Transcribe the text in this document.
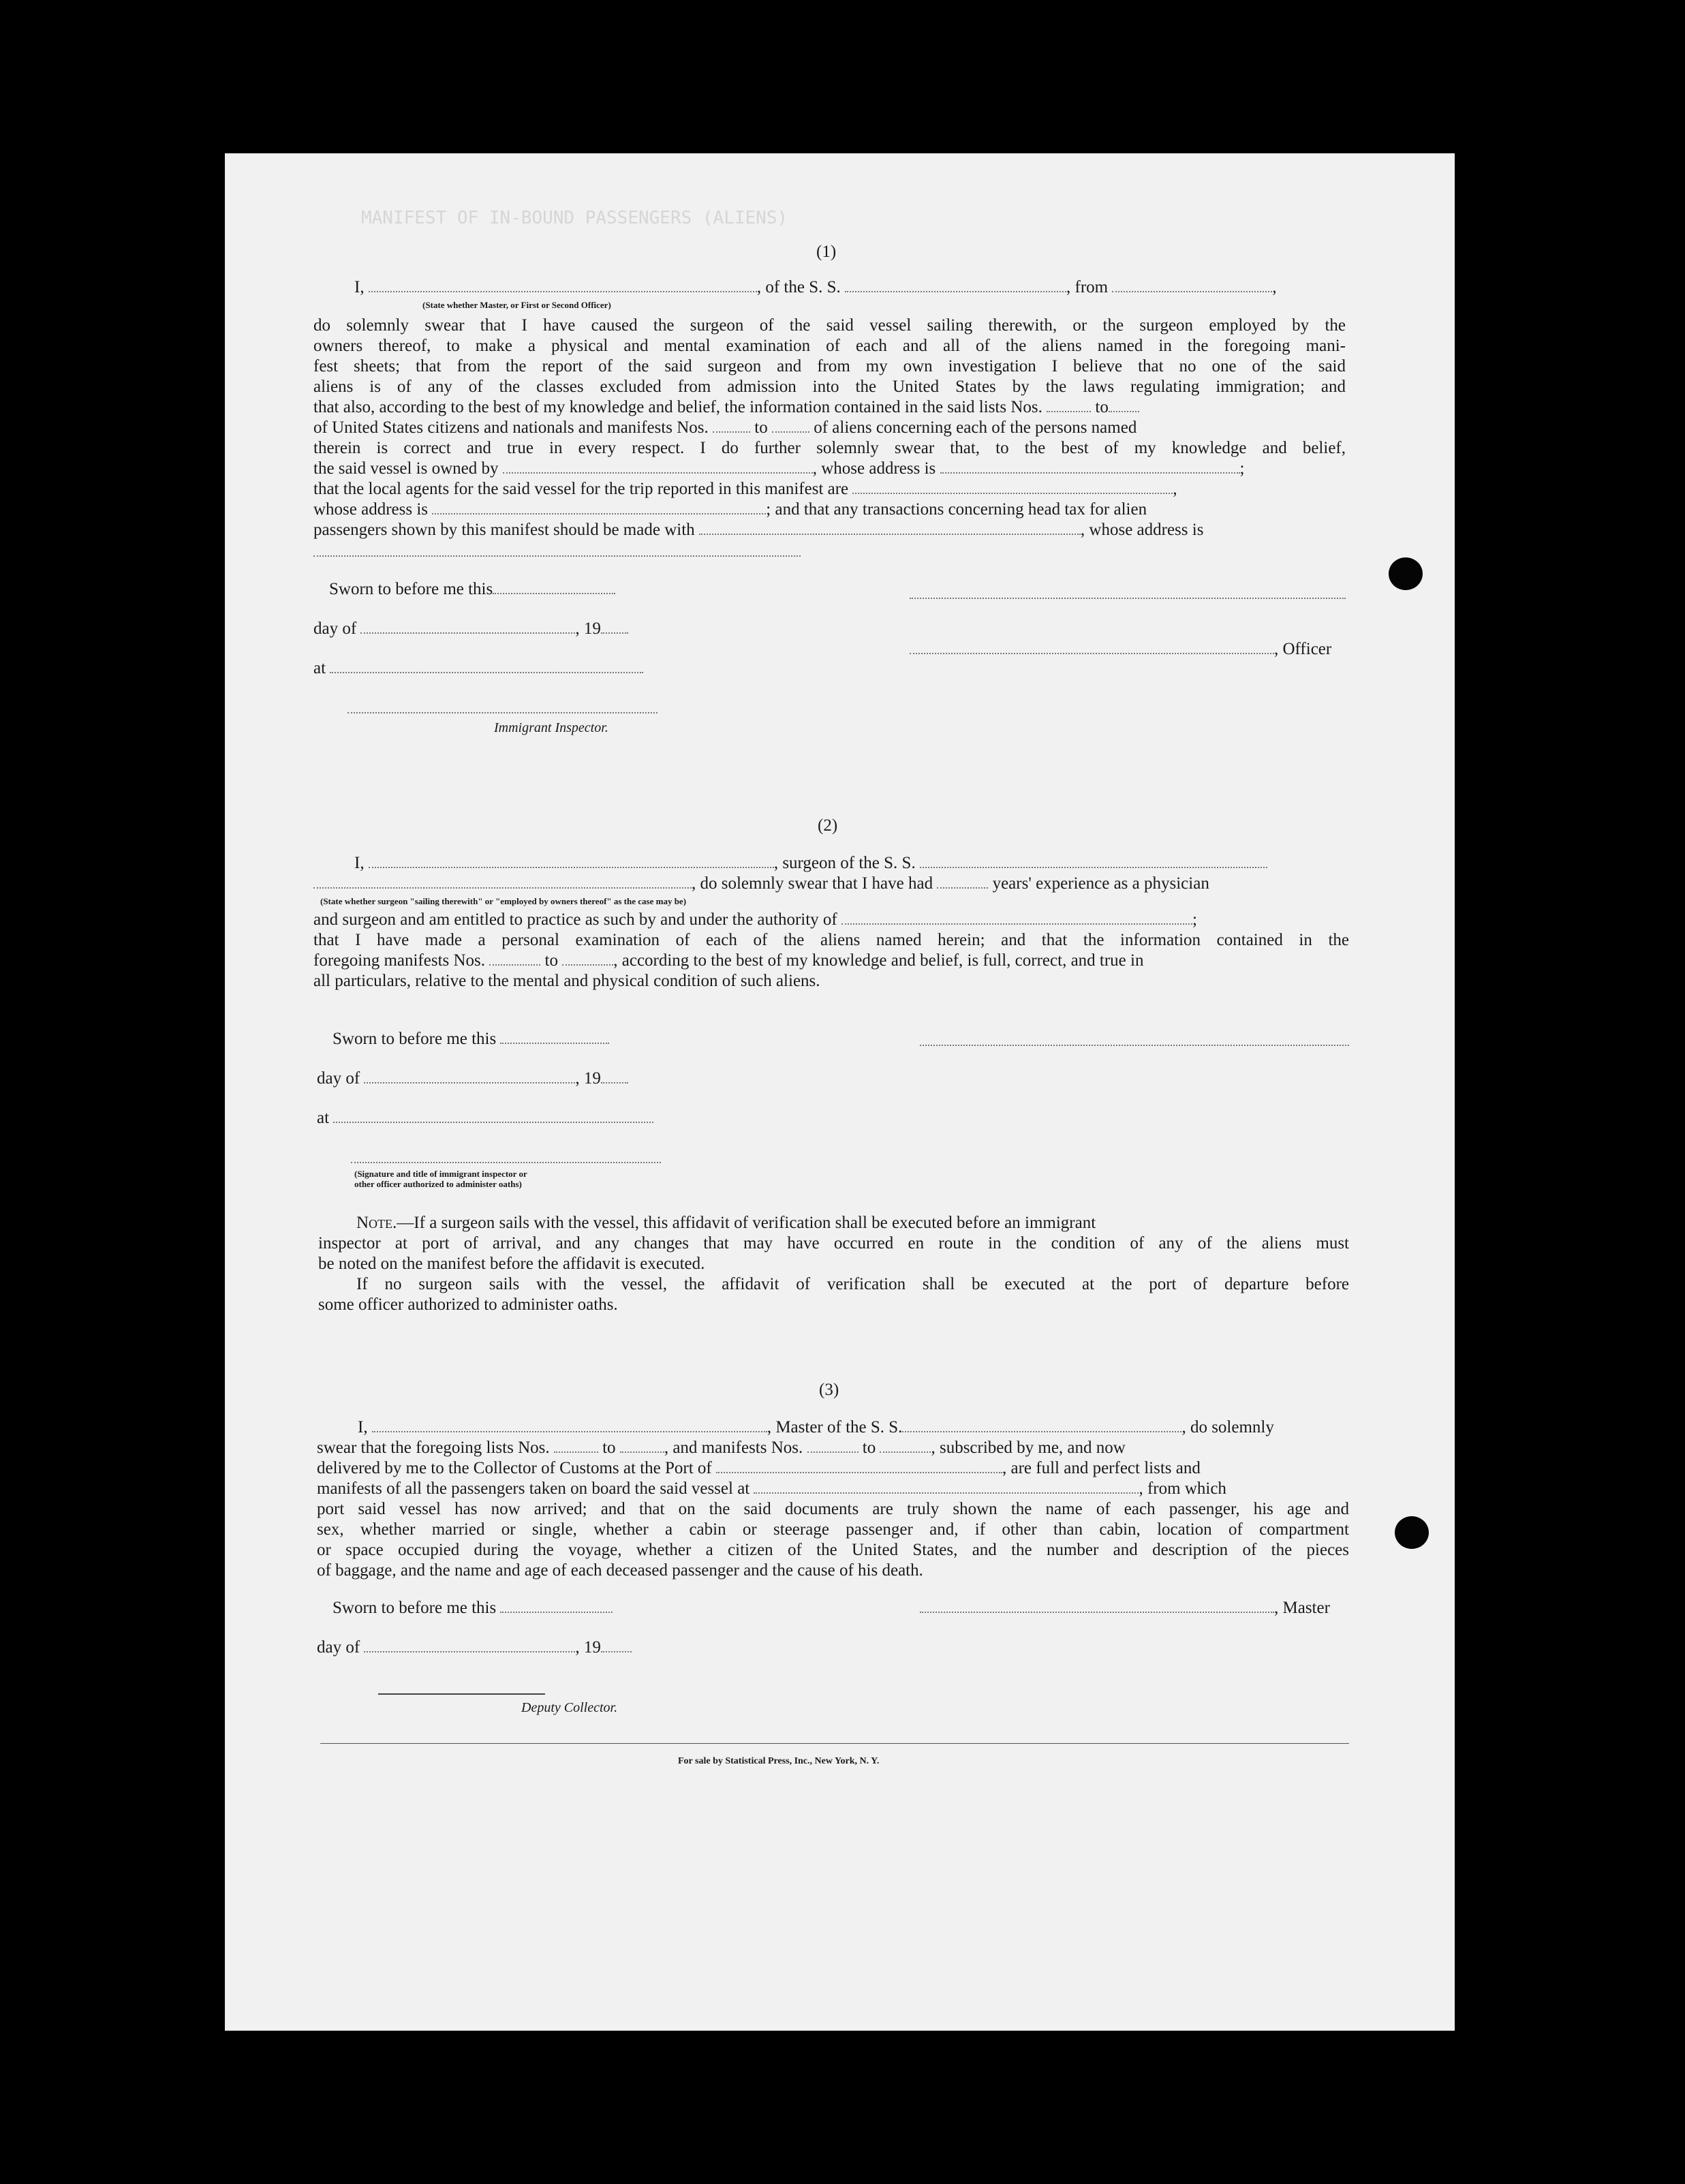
MANIFEST OF IN-BOUND PASSENGERS (ALIENS)
(1)
I,	, of the S. S.	, from	,
(State whether Master, or First or Second Officer)
do solemnly swear that I have caused the surgeon of the said vessel sailing therewith, or the surgeon employed by the
owners thereof, to make a physical and mental examination of each and all of the aliens named in the foregoing mani-
fest sheets; that from the report of the said surgeon and from my own investigation I believe that no one of the said
aliens is of any of the classes excluded from admission into the United States by the laws regulating immigration; and
that also, according to the best of my knowledge and belief, the information contained in the said lists Nos.	to
of United States citizens and nationals and manifests Nos.	to	of aliens concerning each of the persons named
therein is correct and true in every respect. I do further solemnly swear that, to the best of my knowledge and belief,
the said vessel is owned by	, whose address is	;
that the local agents for the said vessel for the trip reported in this manifest are	,
whose address is	; and that any transactions concerning head tax for alien
passengers shown by this manifest should be made with	, whose address is
Sworn to before me this
day of	, 19
at
Immigrant Inspector.
, Officer
(2)
I,	, surgeon of the S. S.
, do solemnly swear that I have had	years' experience as a physician
(State whether surgeon "sailing therewith" or "employed by owners thereof" as the case may be)
and surgeon and am entitled to practice as such by and under the authority of	;
that I have made a personal examination of each of the aliens named herein; and that the information contained in the
foregoing manifests Nos.	to	, according to the best of my knowledge and belief, is full, correct, and true in
all particulars, relative to the mental and physical condition of such aliens.
Sworn to before me this
day of	, 19
at
(Signature and title of immigrant inspector or
other officer authorized to administer oaths)
Note.—If a surgeon sails with the vessel, this affidavit of verification shall be executed before an immigrant
inspector at port of arrival, and any changes that may have occurred en route in the condition of any of the aliens must
be noted on the manifest before the affidavit is executed.
If no surgeon sails with the vessel, the affidavit of verification shall be executed at the port of departure before
some officer authorized to administer oaths.
(3)
I,	, Master of the S. S.	, do solemnly
swear that the foregoing lists Nos.	to	, and manifests Nos.	to	, subscribed by me, and now
delivered by me to the Collector of Customs at the Port of	, are full and perfect lists and
manifests of all the passengers taken on board the said vessel at	, from which
port said vessel has now arrived; and that on the said documents are truly shown the name of each passenger, his age and
sex, whether married or single, whether a cabin or steerage passenger and, if other than cabin, location of compartment
or space occupied during the voyage, whether a citizen of the United States, and the number and description of the pieces
of baggage, and the name and age of each deceased passenger and the cause of his death.
Sworn to before me this	, Master
day of	, 19
Deputy Collector.
For sale by Statistical Press, Inc., New York, N. Y.
